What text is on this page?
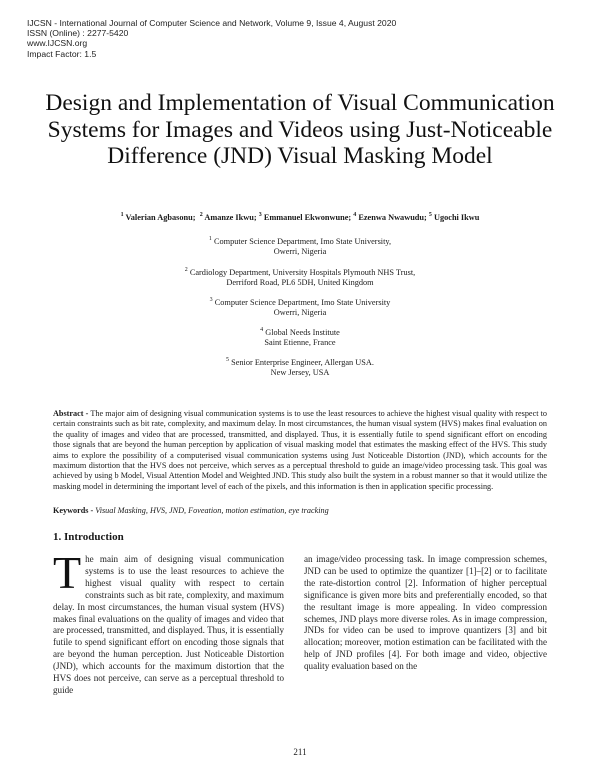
IJCSN - International Journal of Computer Science and Network, Volume 9, Issue 4, August 2020
ISSN (Online) : 2277-5420
www.IJCSN.org
Impact Factor: 1.5
Design and Implementation of Visual Communication Systems for Images and Videos using Just-Noticeable Difference (JND) Visual Masking Model
$^1$ Valerian Agbasonu; $^2$ Amanze Ikwu; $^3$ Emmanuel Ekwonwune; $^4$ Ezenwa Nwawudu; $^5$ Ugochi Ikwu
$^1$ Computer Science Department, Imo State University,
Owerri, Nigeria
$^2$ Cardiology Department, University Hospitals Plymouth NHS Trust,
Derriford Road, PL6 5DH, United Kingdom
$^3$ Computer Science Department, Imo State University
Owerri, Nigeria
$^4$ Global Needs Institute
Saint Etienne, France
$^5$ Senior Enterprise Engineer, Allergan USA.
New Jersey, USA
Abstract - The major aim of designing visual communication systems is to use the least resources to achieve the highest visual quality with respect to certain constraints such as bit rate, complexity, and maximum delay. In most circumstances, the human visual system (HVS) makes final evaluation on the quality of images and video that are processed, transmitted, and displayed. Thus, it is essentially futile to spend significant effort on encoding those signals that are beyond the human perception by application of visual masking model that estimates the masking effect of the HVS. This study aims to explore the possibility of a computerised visual communication systems using Just Noticeable Distortion (JND), which accounts for the maximum distortion that the HVS does not perceive, which serves as a perceptual threshold to guide an image/video processing task. This goal was achieved by using b Model, Visual Attention Model and Weighted JND. This study also built the system in a robust manner so that it would utilize the masking model in determining the important level of each of the pixels, and this information is then in application specific processing.
Keywords - Visual Masking, HVS, JND, Foveation, motion estimation, eye tracking
1. Introduction
The main aim of designing visual communication systems is to use the least resources to achieve the highest visual quality with respect to certain constraints such as bit rate, complexity, and maximum delay. In most circumstances, the human visual system (HVS) makes final evaluations on the quality of images and video that are processed, transmitted, and displayed. Thus, it is essentially futile to spend significant effort on encoding those signals that are beyond the human perception. Just Noticeable Distortion (JND), which accounts for the maximum distortion that the HVS does not perceive, can serve as a perceptual threshold to guide
an image/video processing task. In image compression schemes, JND can be used to optimize the quantizer [1]–[2] or to facilitate the rate-distortion control [2]. Information of higher perceptual significance is given more bits and preferentially encoded, so that the resultant image is more appealing. In video compression schemes, JND plays more diverse roles. As in image compression, JNDs for video can be used to improve quantizers [3] and bit allocation; moreover, motion estimation can be facilitated with the help of JND profiles [4]. For both image and video, objective quality evaluation based on the
211
